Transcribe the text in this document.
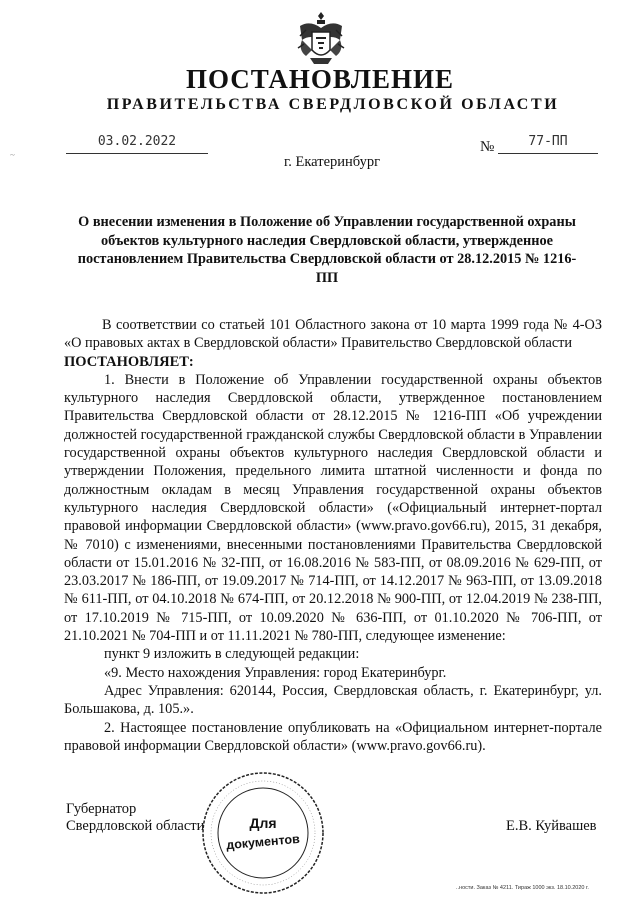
ПОСТАНОВЛЕНИЕ
ПРАВИТЕЛЬСТВА СВЕРДЛОВСКОЙ ОБЛАСТИ
~
03.02.2022	№	77-ПП
г. Екатеринбург
О внесении изменения в Положение об Управлении государственной охраны объектов культурного наследия Свердловской области, утвержденное постановлением Правительства Свердловской области от 28.12.2015 № 1216-ПП

В соответствии со статьей 101 Областного закона от 10 марта 1999 года № 4-ОЗ «О правовых актах в Свердловской области» Правительство Свердловской области

ПОСТАНОВЛЯЕТ:

1. Внести в Положение об Управлении государственной охраны объектов культурного наследия Свердловской области, утвержденное постановлением Правительства Свердловской области от 28.12.2015 № 1216-ПП «Об учреждении должностей государственной гражданской службы Свердловской области в Управлении государственной охраны объектов культурного наследия Свердловской области и утверждении Положения, предельного лимита штатной численности и фонда по должностным окладам в месяц Управления государственной охраны объектов культурного наследия Свердловской области» («Официальный интернет-портал правовой информации Свердловской области» (www.pravo.gov66.ru), 2015, 31 декабря, № 7010) с изменениями, внесенными постановлениями Правительства Свердловской области от 15.01.2016 № 32-ПП, от 16.08.2016 № 583-ПП, от 08.09.2016 № 629-ПП, от 23.03.2017 № 186-ПП, от 19.09.2017 № 714-ПП, от 14.12.2017 № 963-ПП, от 13.09.2018 № 611-ПП, от 04.10.2018 № 674-ПП, от 20.12.2018 № 900-ПП, от 12.04.2019 № 238-ПП, от 17.10.2019 № 715-ПП, от 10.09.2020 № 636-ПП, от 01.10.2020 № 706-ПП, от 21.10.2021 № 704-ПП и от 11.11.2021 № 780-ПП, следующее изменение:

пункт 9 изложить в следующей редакции:

«9. Место нахождения Управления: город Екатеринбург.

Адрес Управления: 620144, Россия, Свердловская область, г. Екатеринбург, ул. Большакова, д. 105.».

2. Настоящее постановление опубликовать на «Официальном интернет-портале правовой информации Свердловской области» (www.pravo.gov66.ru).

Губернатор
Свердловской области	Е.В. Куйвашев
Для
документов
..ности. Заказ № 4211. Тираж 1000 экз. 18.10.2020 г.
